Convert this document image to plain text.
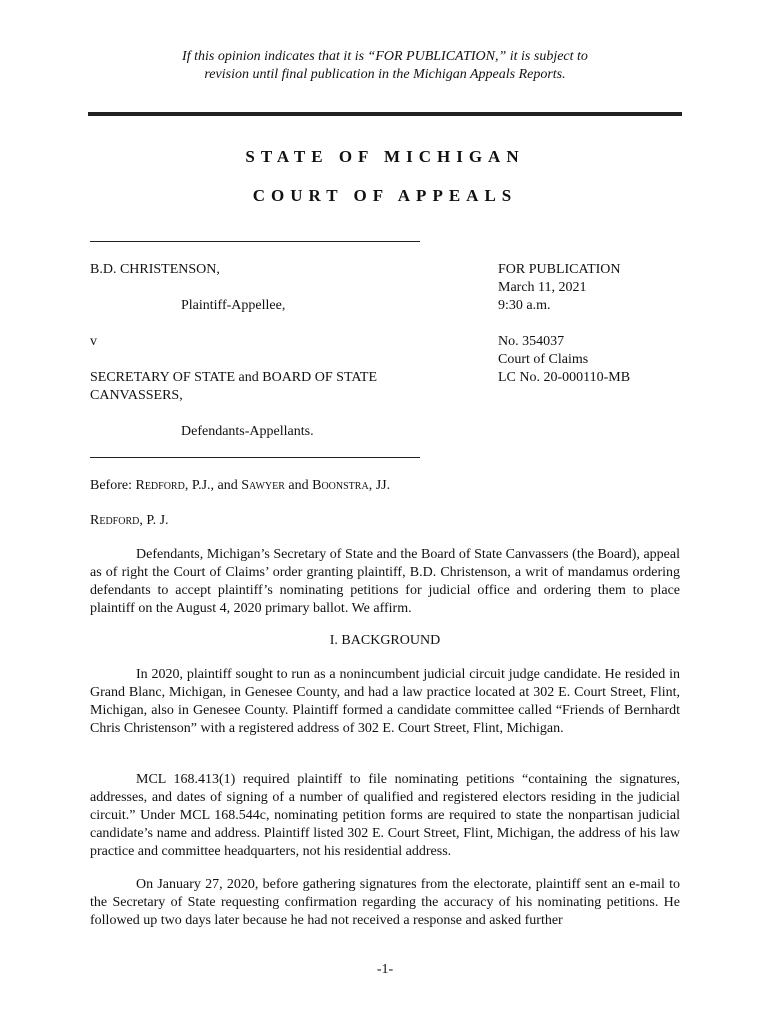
If this opinion indicates that it is “FOR PUBLICATION,” it is subject to
revision until final publication in the Michigan Appeals Reports.
STATE OF MICHIGAN
COURT OF APPEALS
B.D. CHRISTENSON,
Plaintiff-Appellee,
v
SECRETARY OF STATE and BOARD OF STATE
CANVASSERS,
Defendants-Appellants.
FOR PUBLICATION
March 11, 2021
9:30 a.m.
No. 354037
Court of Claims
LC No. 20-000110-MB
Before: Redford, P.J., and Sawyer and Boonstra, JJ.
Redford, P. J.
Defendants, Michigan’s Secretary of State and the Board of State Canvassers (the Board), appeal as of right the Court of Claims’ order granting plaintiff, B.D. Christenson, a writ of mandamus ordering defendants to accept plaintiff’s nominating petitions for judicial office and ordering them to place plaintiff on the August 4, 2020 primary ballot. We affirm.
I. BACKGROUND
In 2020, plaintiff sought to run as a nonincumbent judicial circuit judge candidate. He resided in Grand Blanc, Michigan, in Genesee County, and had a law practice located at 302 E. Court Street, Flint, Michigan, also in Genesee County. Plaintiff formed a candidate committee called “Friends of Bernhardt Chris Christenson” with a registered address of 302 E. Court Street, Flint, Michigan.
MCL 168.413(1) required plaintiff to file nominating petitions “containing the signatures, addresses, and dates of signing of a number of qualified and registered electors residing in the judicial circuit.” Under MCL 168.544c, nominating petition forms are required to state the nonpartisan judicial candidate’s name and address. Plaintiff listed 302 E. Court Street, Flint, Michigan, the address of his law practice and committee headquarters, not his residential address.
On January 27, 2020, before gathering signatures from the electorate, plaintiff sent an e-mail to the Secretary of State requesting confirmation regarding the accuracy of his nominating petitions. He followed up two days later because he had not received a response and asked further
-1-
